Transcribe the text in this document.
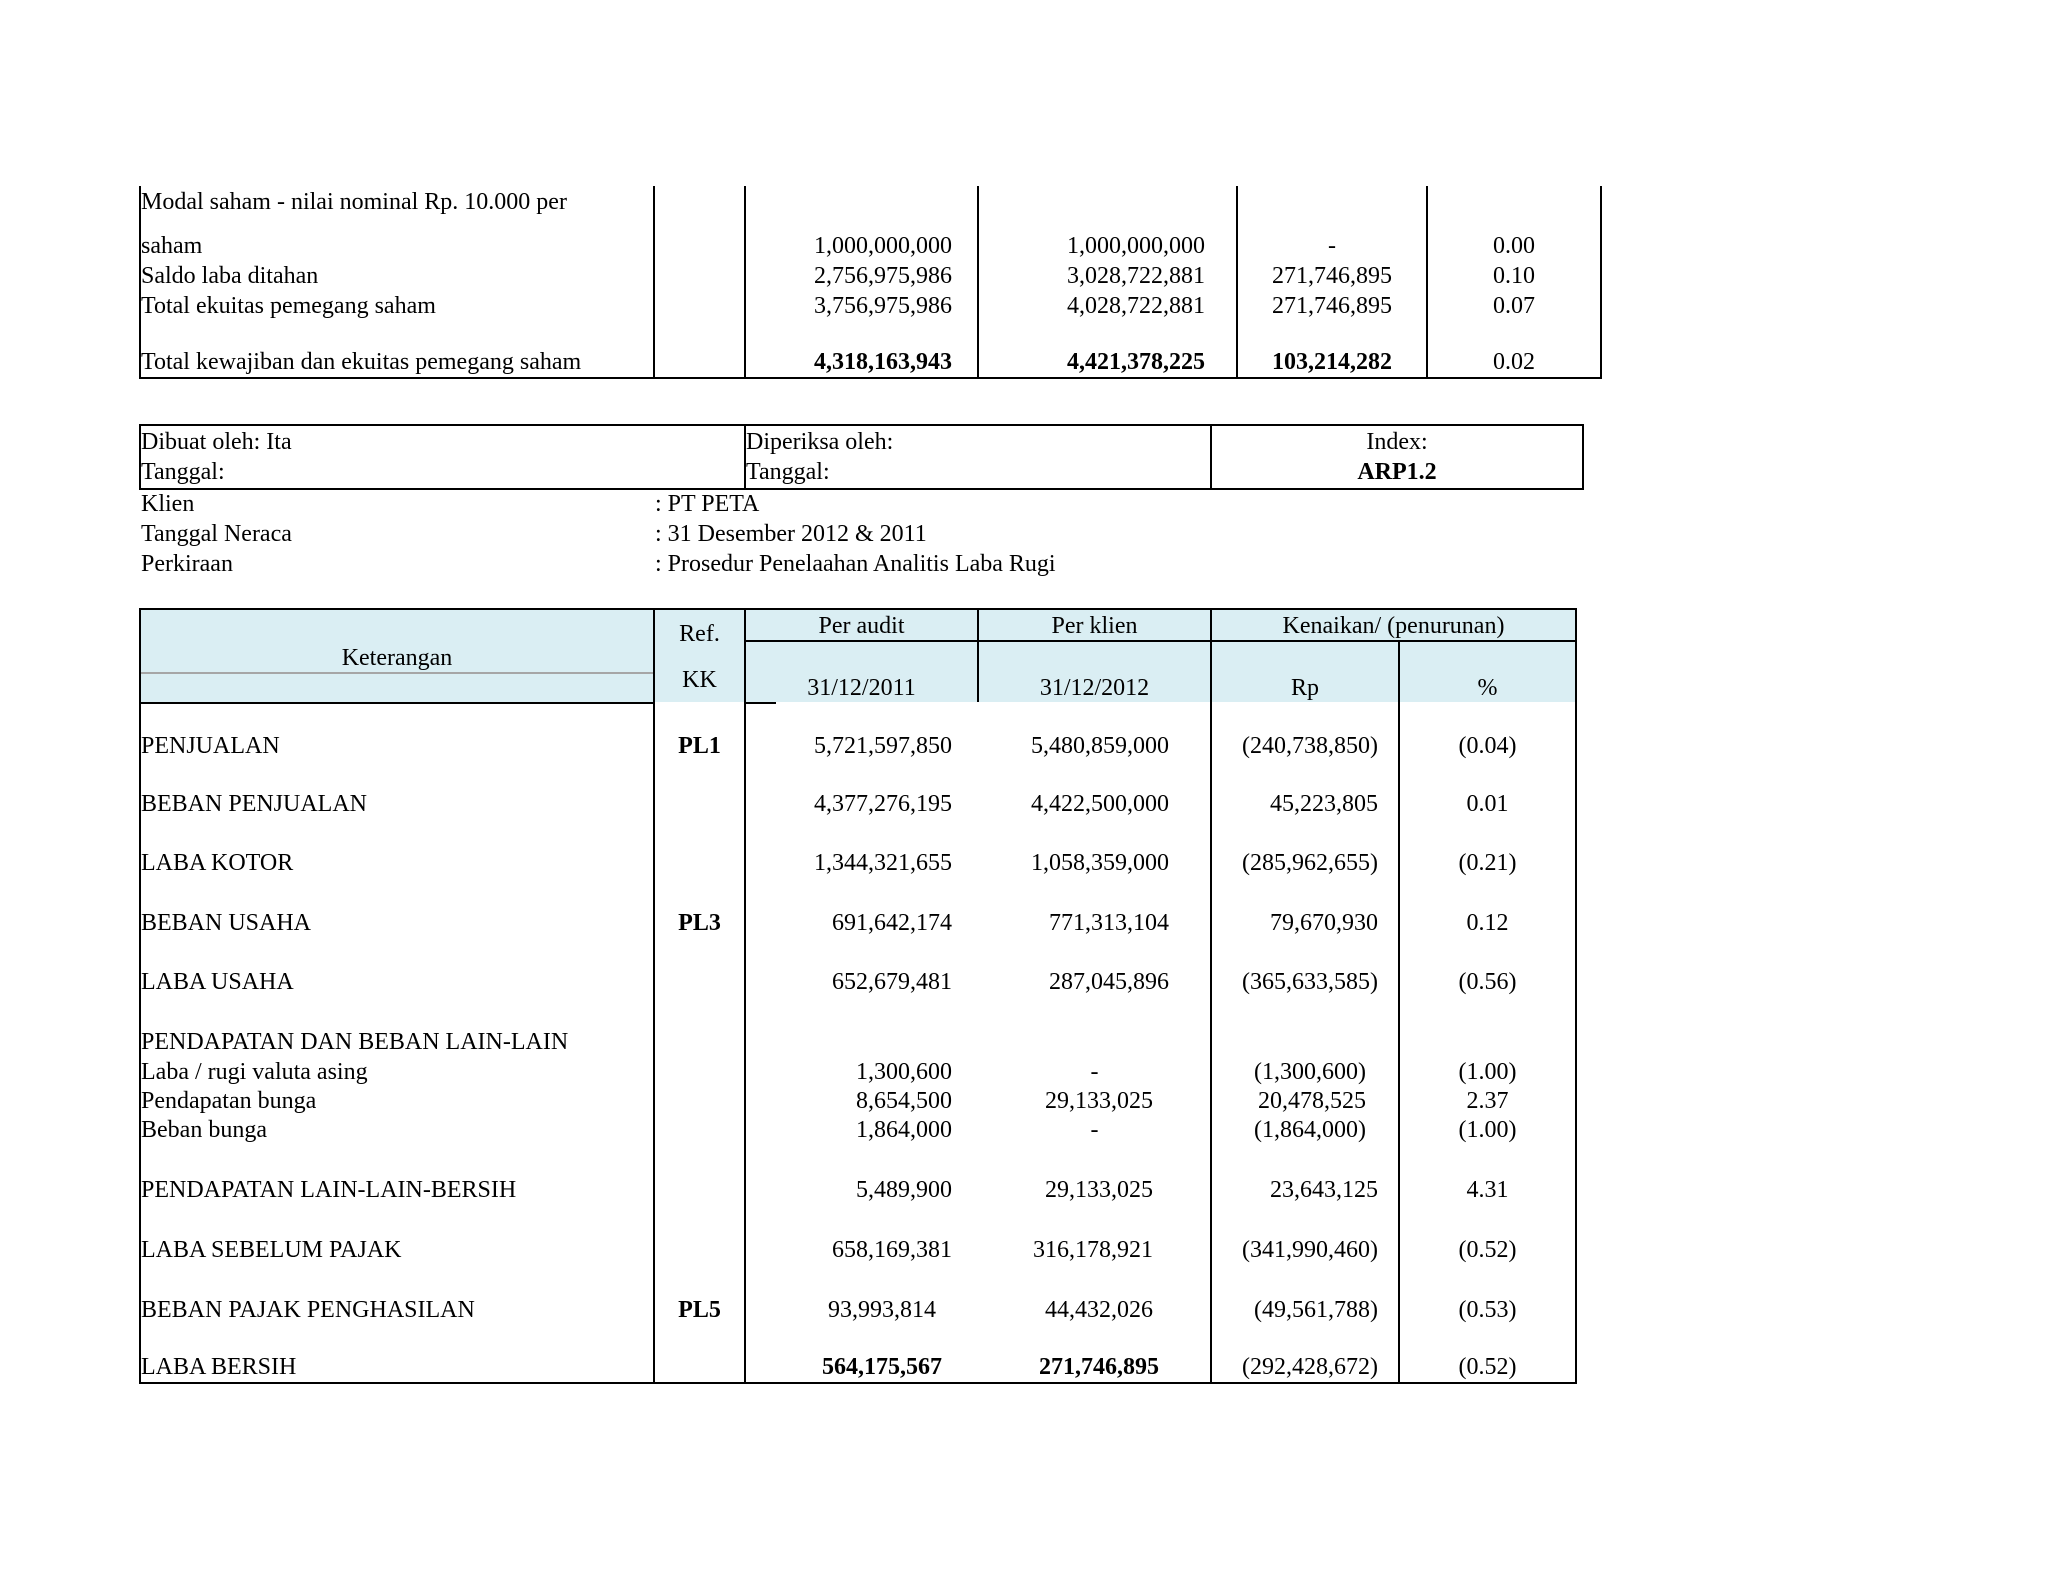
Modal saham - nilai nominal Rp. 10.000 per
saham	1,000,000,000	1,000,000,000	-	0.00
Saldo laba ditahan	2,756,975,986	3,028,722,881	271,746,895	0.10
Total ekuitas pemegang saham	3,756,975,986	4,028,722,881	271,746,895	0.07
Total kewajiban dan ekuitas pemegang saham	4,318,163,943	4,421,378,225	103,214,282	0.02
Dibuat oleh: Ita
Tanggal:
Diperiksa oleh:
Tanggal:
Index:
ARP1.2
Klien	: PT PETA
Tanggal Neraca	: 31 Desember 2012 & 2011
Perkiraan	: Prosedur Penelaahan Analitis Laba Rugi
Keterangan
Ref.
KK
Per audit	Per klien	Kenaikan/ (penurunan)
31/12/2011	31/12/2012	Rp	%
PENJUALAN	PL1	5,721,597,850	5,480,859,000	(240,738,850)	(0.04)
BEBAN PENJUALAN	4,377,276,195	4,422,500,000	45,223,805	0.01
LABA KOTOR	1,344,321,655	1,058,359,000	(285,962,655)	(0.21)
BEBAN USAHA	PL3	691,642,174	771,313,104	79,670,930	0.12
LABA USAHA	652,679,481	287,045,896	(365,633,585)	(0.56)
PENDAPATAN DAN BEBAN LAIN-LAIN
Laba / rugi valuta asing	1,300,600	-	(1,300,600)	(1.00)
Pendapatan bunga	8,654,500	29,133,025	20,478,525	2.37
Beban bunga	1,864,000	-	(1,864,000)	(1.00)
PENDAPATAN LAIN-LAIN-BERSIH	5,489,900	29,133,025	23,643,125	4.31
LABA SEBELUM PAJAK	658,169,381	316,178,921	(341,990,460)	(0.52)
BEBAN PAJAK PENGHASILAN	PL5	93,993,814	44,432,026	(49,561,788)	(0.53)
LABA BERSIH	564,175,567	271,746,895	(292,428,672)	(0.52)
